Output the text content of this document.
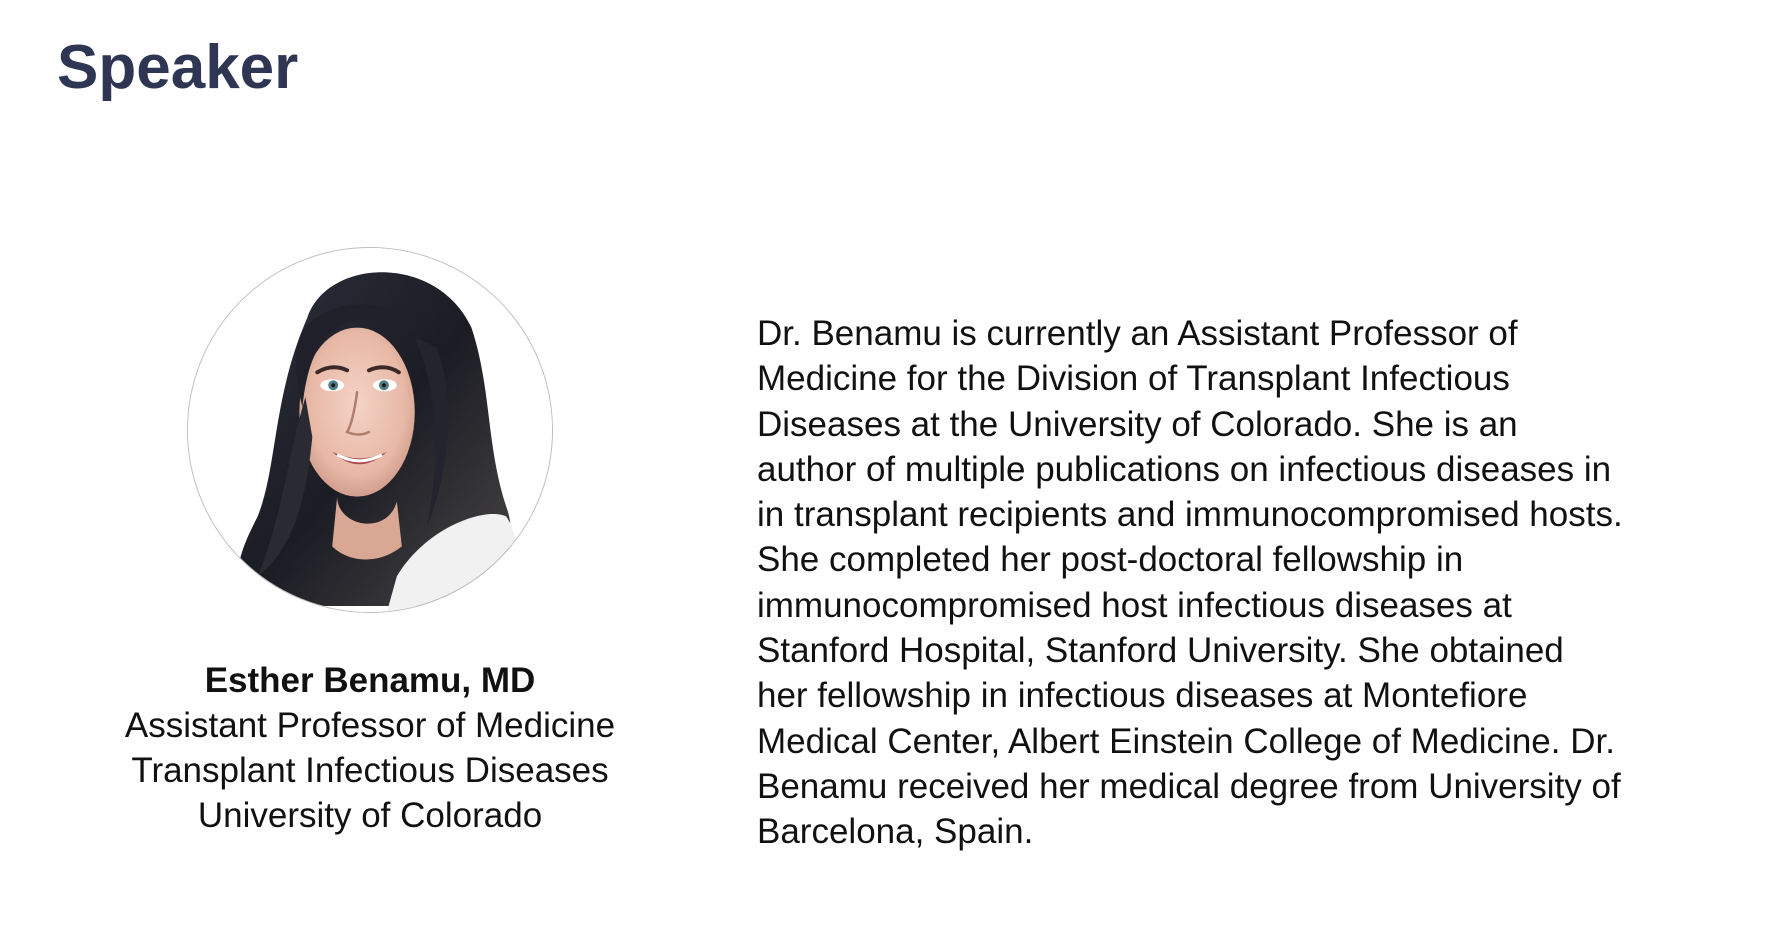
Speaker
Esther Benamu, MD
Assistant Professor of Medicine
Transplant Infectious Diseases
University of Colorado

Dr. Benamu is currently an Assistant Professor of
Medicine for the Division of Transplant Infectious
Diseases at the University of Colorado. She is an
author of multiple publications on infectious diseases in
in transplant recipients and immunocompromised hosts.
She completed her post-doctoral fellowship in
immunocompromised host infectious diseases at
Stanford Hospital, Stanford University. She obtained
her fellowship in infectious diseases at Montefiore
Medical Center, Albert Einstein College of Medicine. Dr.
Benamu received her medical degree from University of
Barcelona, Spain.
